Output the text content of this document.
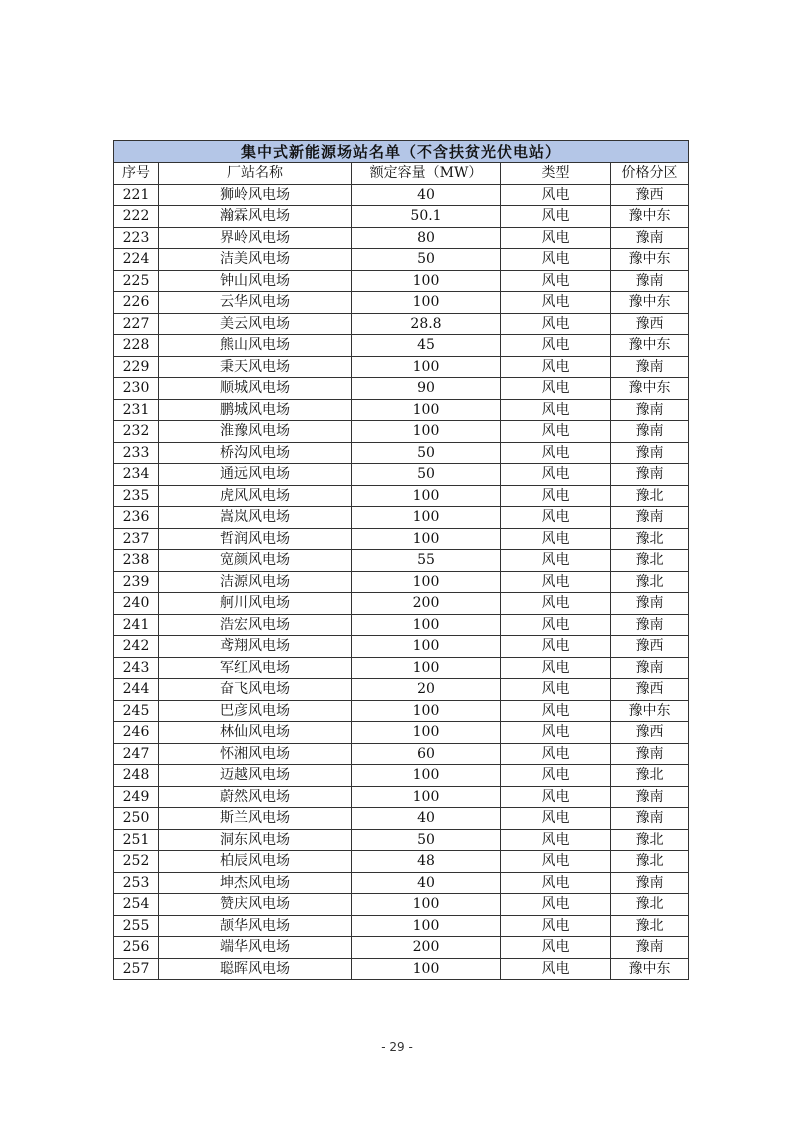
集中式新能源场站名单（不含扶贫光伏电站）				
序号	厂站名称	额定容量（MW）	类型	价格分区
221	狮岭风电场	40	风电	豫西
222	瀚霖风电场	50.1	风电	豫中东
223	界岭风电场	80	风电	豫南
224	洁美风电场	50	风电	豫中东
225	钟山风电场	100	风电	豫南
226	云华风电场	100	风电	豫中东
227	美云风电场	28.8	风电	豫西
228	熊山风电场	45	风电	豫中东
229	秉天风电场	100	风电	豫南
230	顺城风电场	90	风电	豫中东
231	鹏城风电场	100	风电	豫南
232	淮豫风电场	100	风电	豫南
233	桥沟风电场	50	风电	豫南
234	通远风电场	50	风电	豫南
235	虎风风电场	100	风电	豫北
236	嵩岚风电场	100	风电	豫南
237	哲润风电场	100	风电	豫北
238	宽颜风电场	55	风电	豫北
239	洁源风电场	100	风电	豫北
240	舸川风电场	200	风电	豫南
241	浩宏风电场	100	风电	豫南
242	鸢翔风电场	100	风电	豫西
243	军红风电场	100	风电	豫南
244	奋飞风电场	20	风电	豫西
245	巴彦风电场	100	风电	豫中东
246	林仙风电场	100	风电	豫西
247	怀湘风电场	60	风电	豫南
248	迈越风电场	100	风电	豫北
249	蔚然风电场	100	风电	豫南
250	斯兰风电场	40	风电	豫南
251	洞东风电场	50	风电	豫北
252	柏辰风电场	48	风电	豫北
253	坤杰风电场	40	风电	豫南
254	赞庆风电场	100	风电	豫北
255	颉华风电场	100	风电	豫北
256	端华风电场	200	风电	豫南
257	聪晖风电场	100	风电	豫中东
- 29 -
